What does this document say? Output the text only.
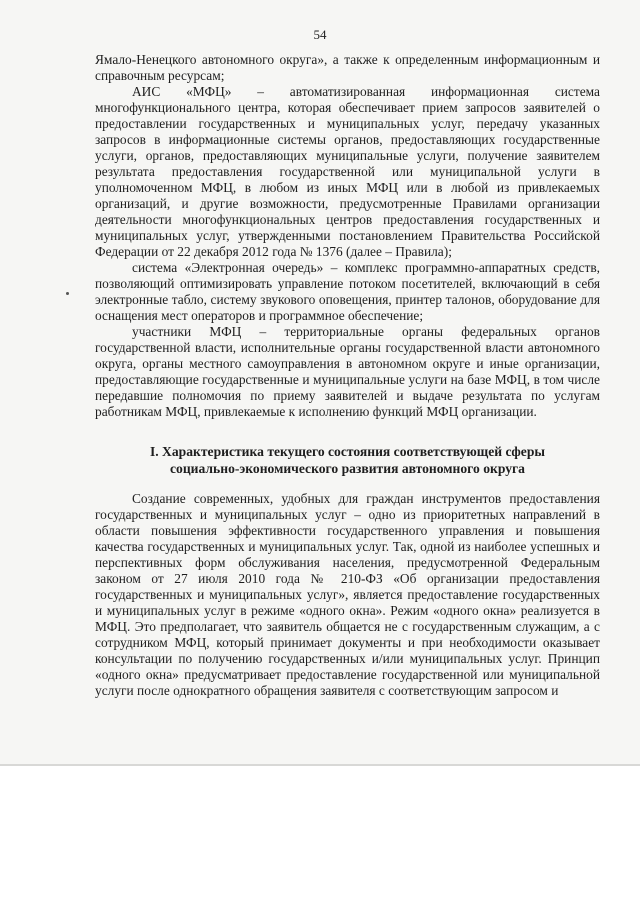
54

Ямало-Ненецкого автономного округа», а также к определенным информационным и справочным ресурсам;

АИС «МФЦ» – автоматизированная информационная система многофункционального центра, которая обеспечивает прием запросов заявителей о предоставлении государственных и муниципальных услуг, передачу указанных запросов в информационные системы органов, предоставляющих государственные услуги, органов, предоставляющих муниципальные услуги, получение заявителем результата предоставления государственной или муниципальной услуги в уполномоченном МФЦ, в любом из иных МФЦ или в любой из привлекаемых организаций, и другие возможности, предусмотренные Правилами организации деятельности многофункциональных центров предоставления государственных и муниципальных услуг, утвержденными постановлением Правительства Российской Федерации от 22 декабря 2012 года № 1376 (далее – Правила);

система «Электронная очередь» – комплекс программно-аппаратных средств, позволяющий оптимизировать управление потоком посетителей, включающий в себя электронные табло, систему звукового оповещения, принтер талонов, оборудование для оснащения мест операторов и программное обеспечение;

участники МФЦ – территориальные органы федеральных органов государственной власти, исполнительные органы государственной власти автономного округа, органы местного самоуправления в автономном округе и иные организации, предоставляющие государственные и муниципальные услуги на базе МФЦ, в том числе передавшие полномочия по приему заявителей и выдаче результата по услугам работникам МФЦ, привлекаемые к исполнению функций МФЦ организации.

I. Характеристика текущего состояния соответствующей сферы
социально-экономического развития автономного округа

Создание современных, удобных для граждан инструментов предоставления государственных и муниципальных услуг – одно из приоритетных направлений в области повышения эффективности государственного управления и повышения качества государственных и муниципальных услуг. Так, одной из наиболее успешных и перспективных форм обслуживания населения, предусмотренной Федеральным законом от 27 июля 2010 года № 210-ФЗ «Об организации предоставления государственных и муниципальных услуг», является предоставление государственных и муниципальных услуг в режиме «одного окна». Режим «одного окна» реализуется в МФЦ. Это предполагает, что заявитель общается не с государственным служащим, а с сотрудником МФЦ, который принимает документы и при необходимости оказывает консультации по получению государственных и/или муниципальных услуг. Принцип «одного окна» предусматривает предоставление государственной или муниципальной услуги после однократного обращения заявителя с соответствующим запросом и
